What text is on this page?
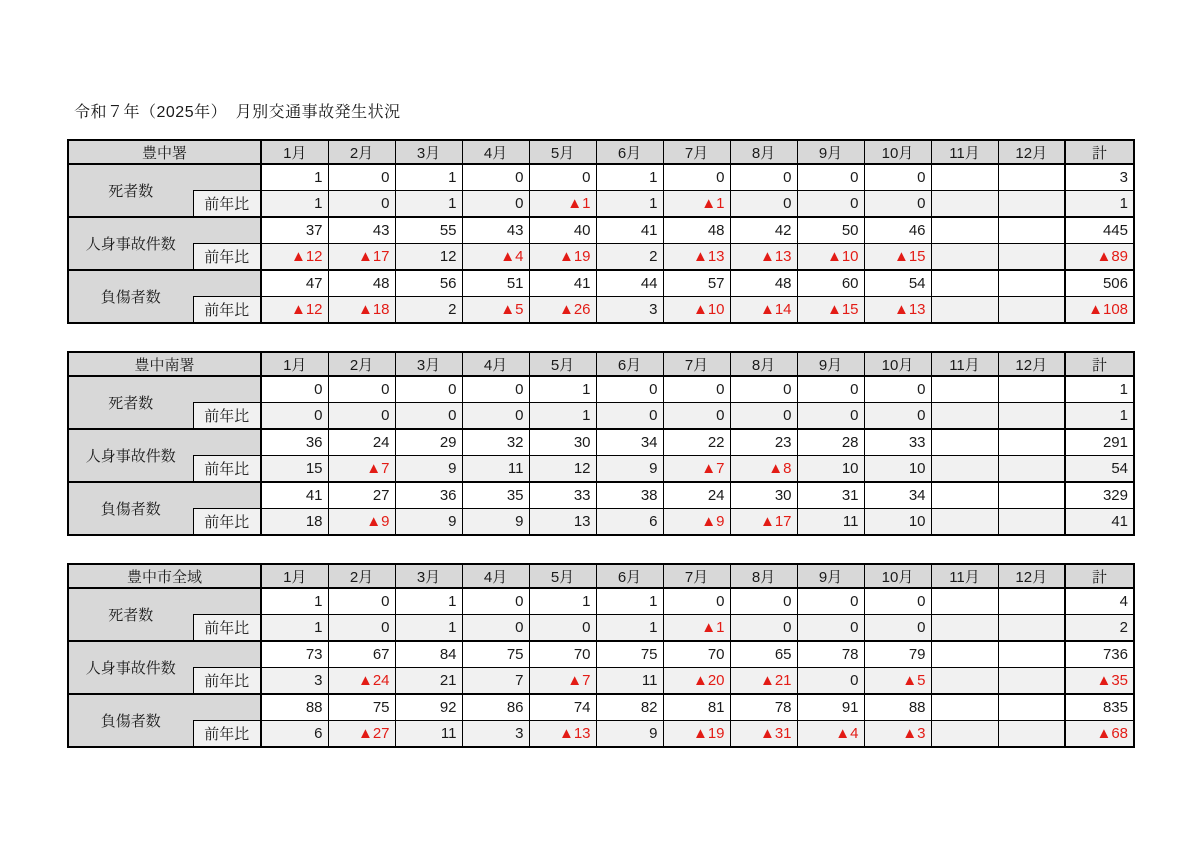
令和７年（2025年）　月別交通事故発生状況
豊中署		1月	2月	3月	4月	5月	6月	7月	8月	9月	10月	11月	12月	計
死者数		1	0	1	0	0	1	0	0	0	0			3
	前年比	1	0	1	0	▲1	1	▲1	0	0	0			1
人身事故件数		37	43	55	43	40	41	48	42	50	46			445
	前年比	▲12	▲17	12	▲4	▲19	2	▲13	▲13	▲10	▲15			▲89
負傷者数		47	48	56	51	41	44	57	48	60	54			506
	前年比	▲12	▲18	2	▲5	▲26	3	▲10	▲14	▲15	▲13			▲108
豊中南署		1月	2月	3月	4月	5月	6月	7月	8月	9月	10月	11月	12月	計
死者数		0	0	0	0	1	0	0	0	0	0			1
	前年比	0	0	0	0	1	0	0	0	0	0			1
人身事故件数		36	24	29	32	30	34	22	23	28	33			291
	前年比	15	▲7	9	11	12	9	▲7	▲8	10	10			54
負傷者数		41	27	36	35	33	38	24	30	31	34			329
	前年比	18	▲9	9	9	13	6	▲9	▲17	11	10			41
豊中市全域		1月	2月	3月	4月	5月	6月	7月	8月	9月	10月	11月	12月	計
死者数		1	0	1	0	1	1	0	0	0	0			4
	前年比	1	0	1	0	0	1	▲1	0	0	0			2
人身事故件数		73	67	84	75	70	75	70	65	78	79			736
	前年比	3	▲24	21	7	▲7	11	▲20	▲21	0	▲5			▲35
負傷者数		88	75	92	86	74	82	81	78	91	88			835
	前年比	6	▲27	11	3	▲13	9	▲19	▲31	▲4	▲3			▲68
